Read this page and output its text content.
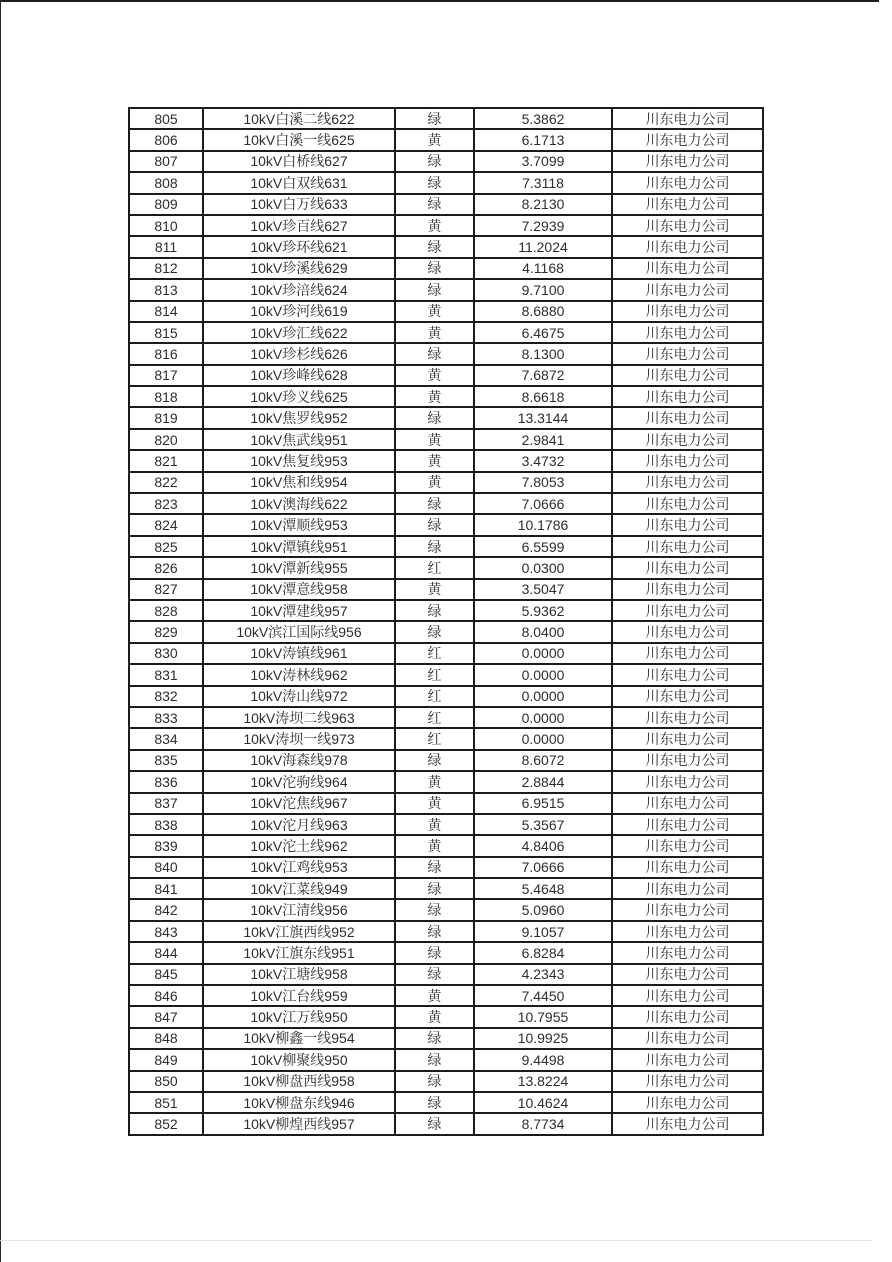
805	10kV白溪二线622	绿	5.3862	川东电力公司
806	10kV白溪一线625	黄	6.1713	川东电力公司
807	10kV白桥线627	绿	3.7099	川东电力公司
808	10kV白双线631	绿	7.3118	川东电力公司
809	10kV白万线633	绿	8.2130	川东电力公司
810	10kV珍百线627	黄	7.2939	川东电力公司
811	10kV珍环线621	绿	11.2024	川东电力公司
812	10kV珍溪线629	绿	4.1168	川东电力公司
813	10kV珍涪线624	绿	9.7100	川东电力公司
814	10kV珍河线619	黄	8.6880	川东电力公司
815	10kV珍汇线622	黄	6.4675	川东电力公司
816	10kV珍杉线626	绿	8.1300	川东电力公司
817	10kV珍峰线628	黄	7.6872	川东电力公司
818	10kV珍义线625	黄	8.6618	川东电力公司
819	10kV焦罗线952	绿	13.3144	川东电力公司
820	10kV焦武线951	黄	2.9841	川东电力公司
821	10kV焦复线953	黄	3.4732	川东电力公司
822	10kV焦和线954	黄	7.8053	川东电力公司
823	10kV澳海线622	绿	7.0666	川东电力公司
824	10kV潭顺线953	绿	10.1786	川东电力公司
825	10kV潭镇线951	绿	6.5599	川东电力公司
826	10kV潭新线955	红	0.0300	川东电力公司
827	10kV潭意线958	黄	3.5047	川东电力公司
828	10kV潭建线957	绿	5.9362	川东电力公司
829	10kV滨江国际线956	绿	8.0400	川东电力公司
830	10kV涛镇线961	红	0.0000	川东电力公司
831	10kV涛林线962	红	0.0000	川东电力公司
832	10kV涛山线972	红	0.0000	川东电力公司
833	10kV涛坝二线963	红	0.0000	川东电力公司
834	10kV涛坝一线973	红	0.0000	川东电力公司
835	10kV海森线978	绿	8.6072	川东电力公司
836	10kV沱驹线964	黄	2.8844	川东电力公司
837	10kV沱焦线967	黄	6.9515	川东电力公司
838	10kV沱月线963	黄	5.3567	川东电力公司
839	10kV沱土线962	黄	4.8406	川东电力公司
840	10kV江鸡线953	绿	7.0666	川东电力公司
841	10kV江菜线949	绿	5.4648	川东电力公司
842	10kV江清线956	绿	5.0960	川东电力公司
843	10kV江旗西线952	绿	9.1057	川东电力公司
844	10kV江旗东线951	绿	6.8284	川东电力公司
845	10kV江塘线958	绿	4.2343	川东电力公司
846	10kV江台线959	黄	7.4450	川东电力公司
847	10kV江万线950	黄	10.7955	川东电力公司
848	10kV柳鑫一线954	绿	10.9925	川东电力公司
849	10kV柳聚线950	绿	9.4498	川东电力公司
850	10kV柳盘西线958	绿	13.8224	川东电力公司
851	10kV柳盘东线946	绿	10.4624	川东电力公司
852	10kV柳煌西线957	绿	8.7734	川东电力公司
